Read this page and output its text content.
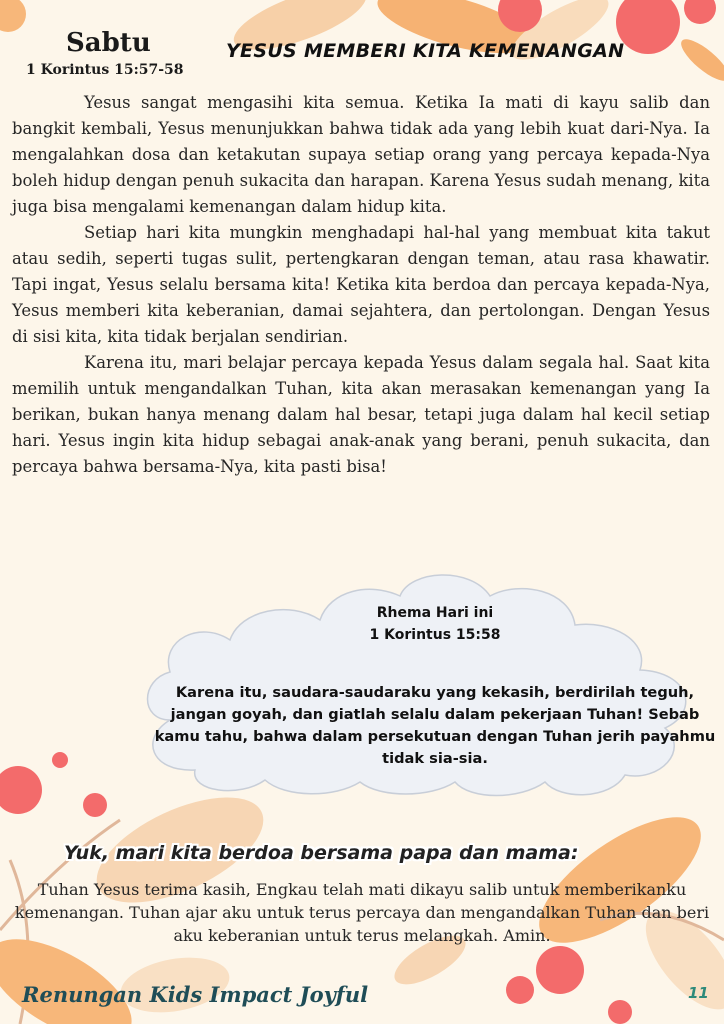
Sabtu
1 Korintus 15:57-58
YESUS MEMBERI KITA KEMENANGAN

Yesus sangat mengasihi kita semua. Ketika Ia mati di kayu salib dan bangkit kembali, Yesus menunjukkan bahwa tidak ada yang lebih kuat dari-Nya. Ia mengalahkan dosa dan ketakutan supaya setiap orang yang percaya kepada-Nya boleh hidup dengan penuh sukacita dan harapan. Karena Yesus sudah menang, kita juga bisa mengalami kemenangan dalam hidup kita.

Setiap hari kita mungkin menghadapi hal-hal yang membuat kita takut atau sedih, seperti tugas sulit, pertengkaran dengan teman, atau rasa khawatir. Tapi ingat, Yesus selalu bersama kita! Ketika kita berdoa dan percaya kepada-Nya, Yesus memberi kita keberanian, damai sejahtera, dan pertolongan. Dengan Yesus di sisi kita, kita tidak berjalan sendirian.

Karena itu, mari belajar percaya kepada Yesus dalam segala hal. Saat kita memilih untuk mengandalkan Tuhan, kita akan merasakan kemenangan yang Ia berikan, bukan hanya menang dalam hal besar, tetapi juga dalam hal kecil setiap hari. Yesus ingin kita hidup sebagai anak-anak yang berani, penuh sukacita, dan percaya bahwa bersama-Nya, kita pasti bisa!

Rhema Hari ini
1 Korintus 15:58
Karena itu, saudara-saudaraku yang kekasih, berdirilah teguh, jangan goyah, dan giatlah selalu dalam pekerjaan Tuhan! Sebab kamu tahu, bahwa dalam persekutuan dengan Tuhan jerih payahmu tidak sia-sia.
Yuk, mari kita berdoa bersama papa dan mama:
Tuhan Yesus terima kasih, Engkau telah mati dikayu salib untuk memberikanku kemenangan. Tuhan ajar aku untuk terus percaya dan mengandalkan Tuhan dan beri aku keberanian untuk terus melangkah. Amin.
Renungan Kids Impact Joyful	11
